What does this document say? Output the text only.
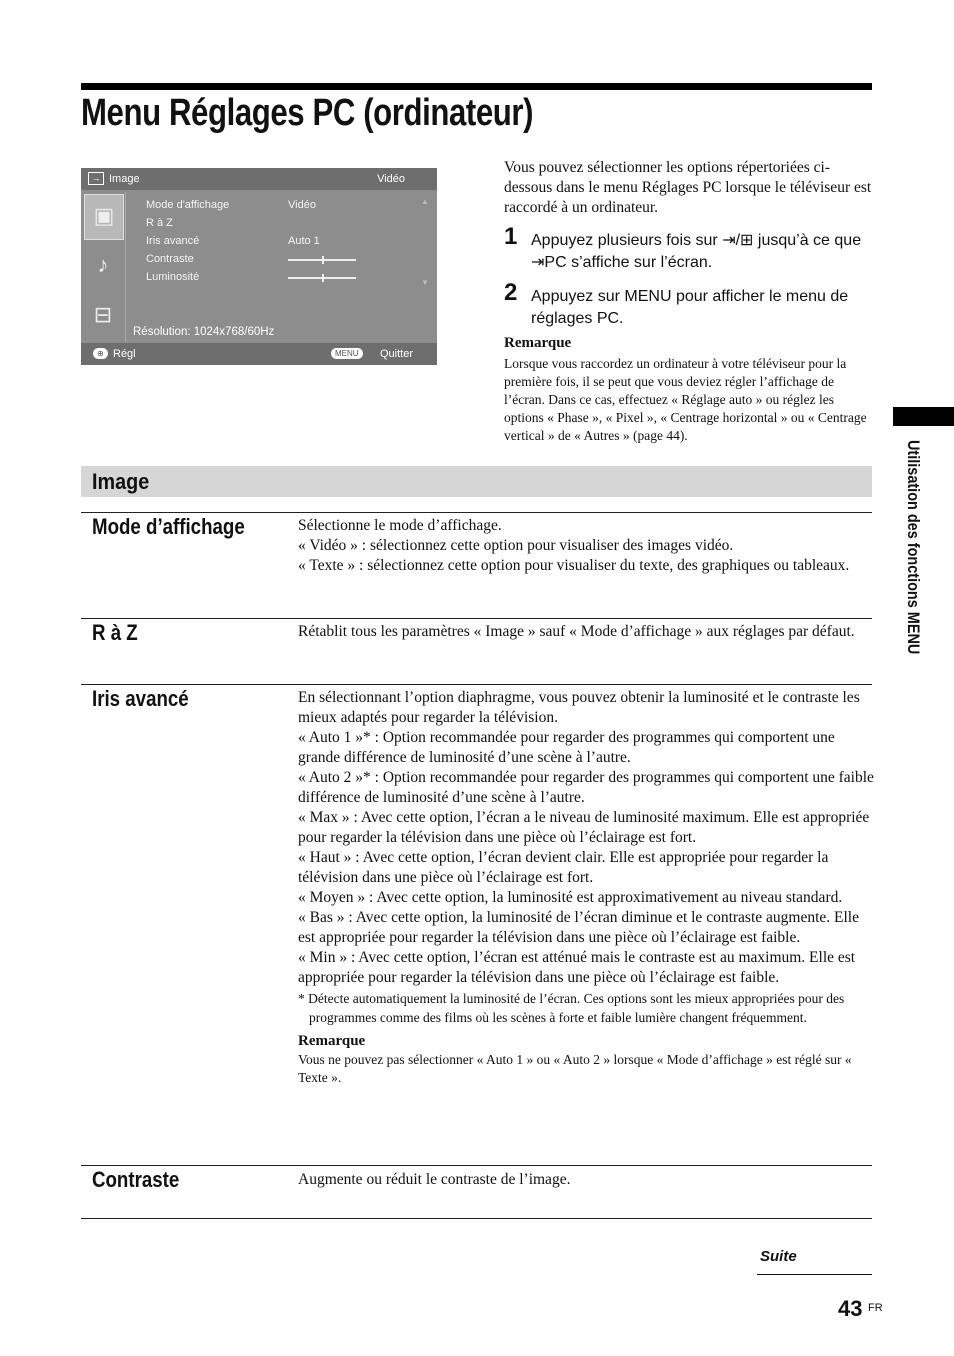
Menu Réglages PC (ordinateur)
→ Image	Vidéo
▣
♪
⊟
Mode d'affichage
R à Z
Iris avancé
Contraste
Luminosité
Vidéo
Auto 1
▲
▼
Résolution: 1024x768/60Hz
⊕ Régl	MENU	Quitter
Vous pouvez sélectionner les options répertoriées ci-dessous dans le menu Réglages PC lorsque le téléviseur est raccordé à un ordinateur.
1 Appuyez plusieurs fois sur ⇥/⊞ jusqu’à ce que ⇥PC s’affiche sur l’écran.
2 Appuyez sur MENU pour afficher le menu de réglages PC.
Remarque
Lorsque vous raccordez un ordinateur à votre téléviseur pour la première fois, il se peut que vous deviez régler l’affichage de l’écran. Dans ce cas, effectuez « Réglage auto » ou réglez les options « Phase », « Pixel », « Centrage horizontal » ou « Centrage vertical » de « Autres » (page 44).
Utilisation des fonctions MENU
Image
Mode d’affichage	Sélectionne le mode d’affichage.

« Vidéo » : sélectionnez cette option pour visualiser des images vidéo.

« Texte » : sélectionnez cette option pour visualiser du texte, des graphiques ou tableaux.

R à Z	Rétablit tous les paramètres « Image » sauf « Mode d’affichage » aux réglages par défaut.

Iris avancé	En sélectionnant l’option diaphragme, vous pouvez obtenir la luminosité et le contraste les mieux adaptés pour regarder la télévision.

« Auto 1 »* : Option recommandée pour regarder des programmes qui comportent une grande différence de luminosité d’une scène à l’autre.

« Auto 2 »* : Option recommandée pour regarder des programmes qui comportent une faible différence de luminosité d’une scène à l’autre.

« Max » : Avec cette option, l’écran a le niveau de luminosité maximum. Elle est appropriée pour regarder la télévision dans une pièce où l’éclairage est fort.

« Haut » : Avec cette option, l’écran devient clair. Elle est appropriée pour regarder la télévision dans une pièce où l’éclairage est fort.

« Moyen » : Avec cette option, la luminosité est approximativement au niveau standard.

« Bas » : Avec cette option, la luminosité de l’écran diminue et le contraste augmente. Elle est appropriée pour regarder la télévision dans une pièce où l’éclairage est faible.

« Min » : Avec cette option, l’écran est atténué mais le contraste est au maximum. Elle est appropriée pour regarder la télévision dans une pièce où l’éclairage est faible.

* Détecte automatiquement la luminosité de l’écran. Ces options sont les mieux appropriées pour des programmes comme des films où les scènes à forte et faible lumière changent fréquemment.

Remarque

Vous ne pouvez pas sélectionner « Auto 1 » ou « Auto 2 » lorsque « Mode d’affichage » est réglé sur « Texte ».

Contraste	Augmente ou réduit le contraste de l’image.

Suite
43 FR
